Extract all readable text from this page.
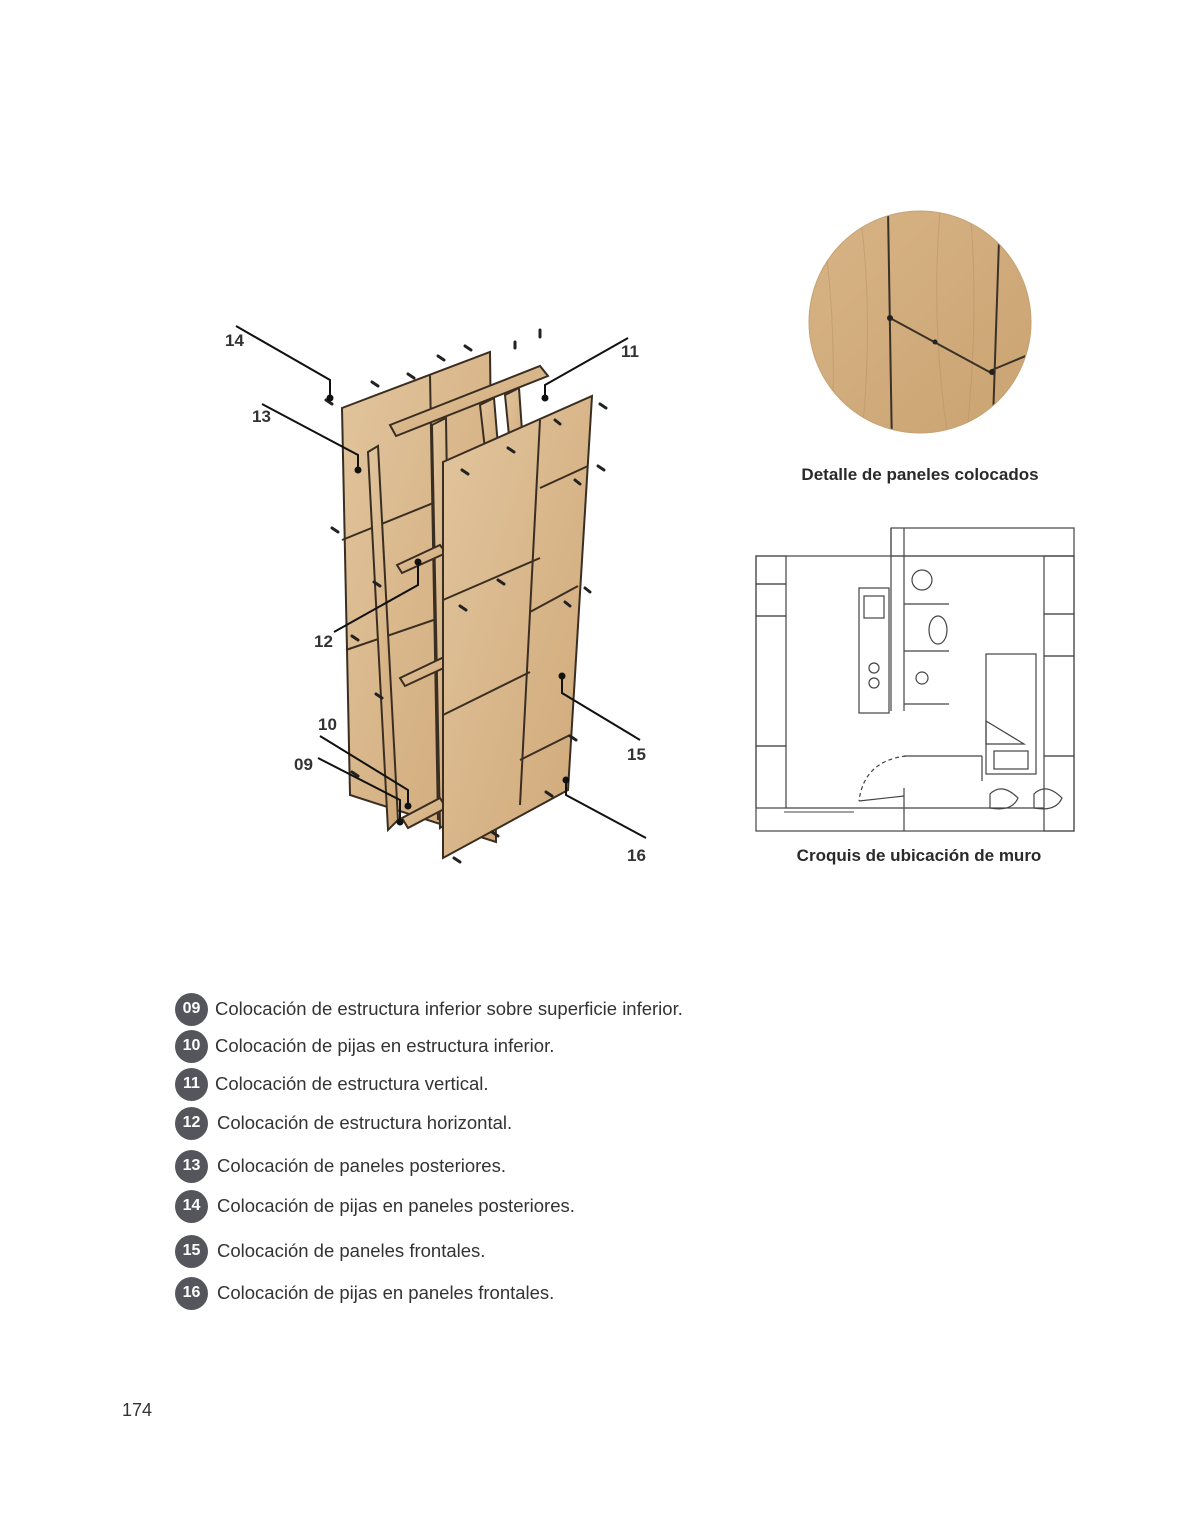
14
13
12
10
09
11
15
16
Detalle de paneles colocados
Croquis de ubicación de muro
09 Colocación de estructura inferior sobre superficie inferior.
10 Colocación de pijas en estructura inferior.
11 Colocación de estructura vertical.
12 Colocación de estructura horizontal.
13 Colocación de paneles posteriores.
14 Colocación de pijas en paneles posteriores.
15 Colocación de paneles frontales.
16 Colocación de pijas en paneles frontales.
174
